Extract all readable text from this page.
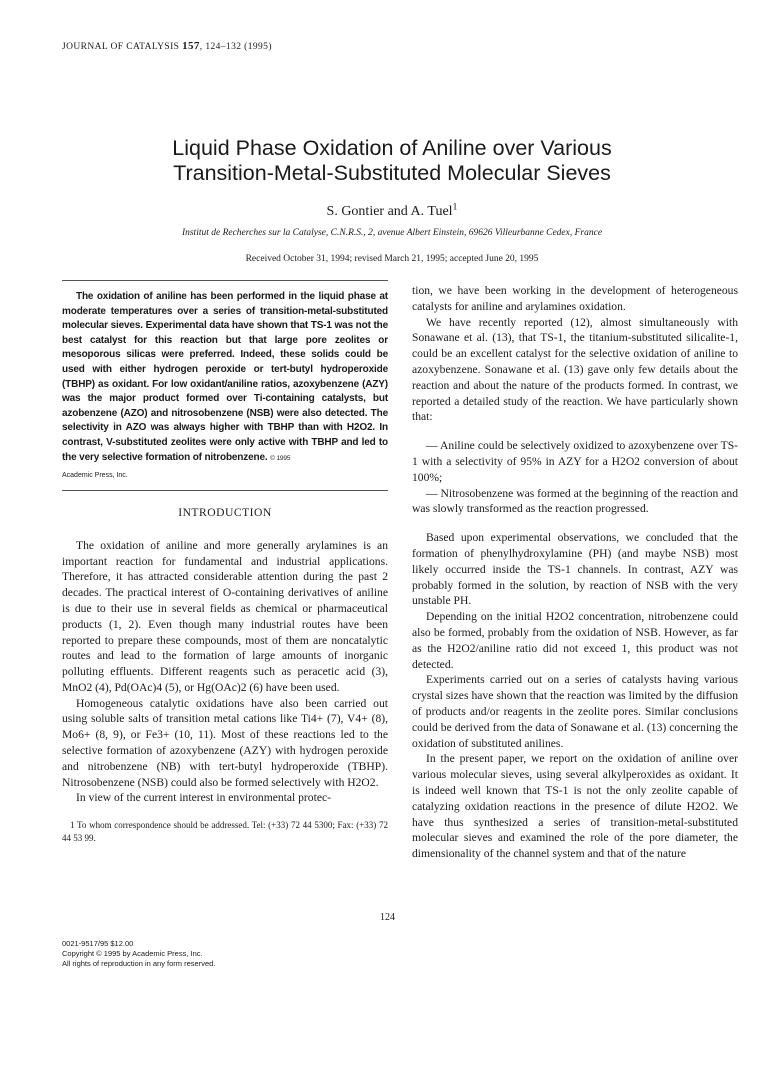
JOURNAL OF CATALYSIS 157, 124–132 (1995)
Liquid Phase Oxidation of Aniline over Various
Transition-Metal-Substituted Molecular Sieves
S. Gontier and A. Tuel$^1$
Institut de Recherches sur la Catalyse, C.N.R.S., 2, avenue Albert Einstein, 69626 Villeurbanne Cedex, France
Received October 31, 1994; revised March 21, 1995; accepted June 20, 1995

The oxidation of aniline has been performed in the liquid phase at moderate temperatures over a series of transition-metal-substituted molecular sieves. Experimental data have shown that TS-1 was not the best catalyst for this reaction but that large pore zeolites or mesoporous silicas were preferred. Indeed, these solids could be used with either hydrogen peroxide or tert-butyl hydroperoxide (TBHP) as oxidant. For low oxidant/aniline ratios, azoxybenzene (AZY) was the major product formed over Ti-containing catalysts, but azobenzene (AZO) and nitrosobenzene (NSB) were also detected. The selectivity in AZO was always higher with TBHP than with H2O2. In contrast, V-substituted zeolites were only active with TBHP and led to the very selective formation of nitrobenzene. © 1995

Academic Press, Inc.

INTRODUCTION

The oxidation of aniline and more generally arylamines is an important reaction for fundamental and industrial applications. Therefore, it has attracted considerable attention during the past 2 decades. The practical interest of O-containing derivatives of aniline is due to their use in several fields as chemical or pharmaceutical products (1, 2). Even though many industrial routes have been reported to prepare these compounds, most of them are noncatalytic routes and lead to the formation of large amounts of inorganic polluting effluents. Different reagents such as peracetic acid (3), MnO2 (4), Pd(OAc)4 (5), or Hg(OAc)2 (6) have been used.

Homogeneous catalytic oxidations have also been carried out using soluble salts of transition metal cations like Ti4+ (7), V4+ (8), Mo6+ (8, 9), or Fe3+ (10, 11). Most of these reactions led to the selective formation of azoxybenzene (AZY) with hydrogen peroxide and nitrobenzene (NB) with tert-butyl hydroperoxide (TBHP). Nitrosobenzene (NSB) could also be formed selectively with H2O2.

In view of the current interest in environmental protec-

1 To whom correspondence should be addressed. Tel: (+33) 72 44 5300; Fax: (+33) 72 44 53 99.

tion, we have been working in the development of heterogeneous catalysts for aniline and arylamines oxidation.

We have recently reported (12), almost simultaneously with Sonawane et al. (13), that TS-1, the titanium-substituted silicalite-1, could be an excellent catalyst for the selective oxidation of aniline to azoxybenzene. Sonawane et al. (13) gave only few details about the reaction and about the nature of the products formed. In contrast, we reported a detailed study of the reaction. We have particularly shown that:

— Aniline could be selectively oxidized to azoxybenzene over TS-1 with a selectivity of 95% in AZY for a H2O2 conversion of about 100%;

— Nitrosobenzene was formed at the beginning of the reaction and was slowly transformed as the reaction progressed.

Based upon experimental observations, we concluded that the formation of phenylhydroxylamine (PH) (and maybe NSB) most likely occurred inside the TS-1 channels. In contrast, AZY was probably formed in the solution, by reaction of NSB with the very unstable PH.

Depending on the initial H2O2 concentration, nitrobenzene could also be formed, probably from the oxidation of NSB. However, as far as the H2O2/aniline ratio did not exceed 1, this product was not detected.

Experiments carried out on a series of catalysts having various crystal sizes have shown that the reaction was limited by the diffusion of products and/or reagents in the zeolite pores. Similar conclusions could be derived from the data of Sonawane et al. (13) concerning the oxidation of substituted anilines.

In the present paper, we report on the oxidation of aniline over various molecular sieves, using several alkylperoxides as oxidant. It is indeed well known that TS-1 is not the only zeolite capable of catalyzing oxidation reactions in the presence of dilute H2O2. We have thus synthesized a series of transition-metal-substituted molecular sieves and examined the role of the pore diameter, the dimensionality of the channel system and that of the nature

124
0021-9517/95 $12.00
Copyright © 1995 by Academic Press, Inc.
All rights of reproduction in any form reserved.
